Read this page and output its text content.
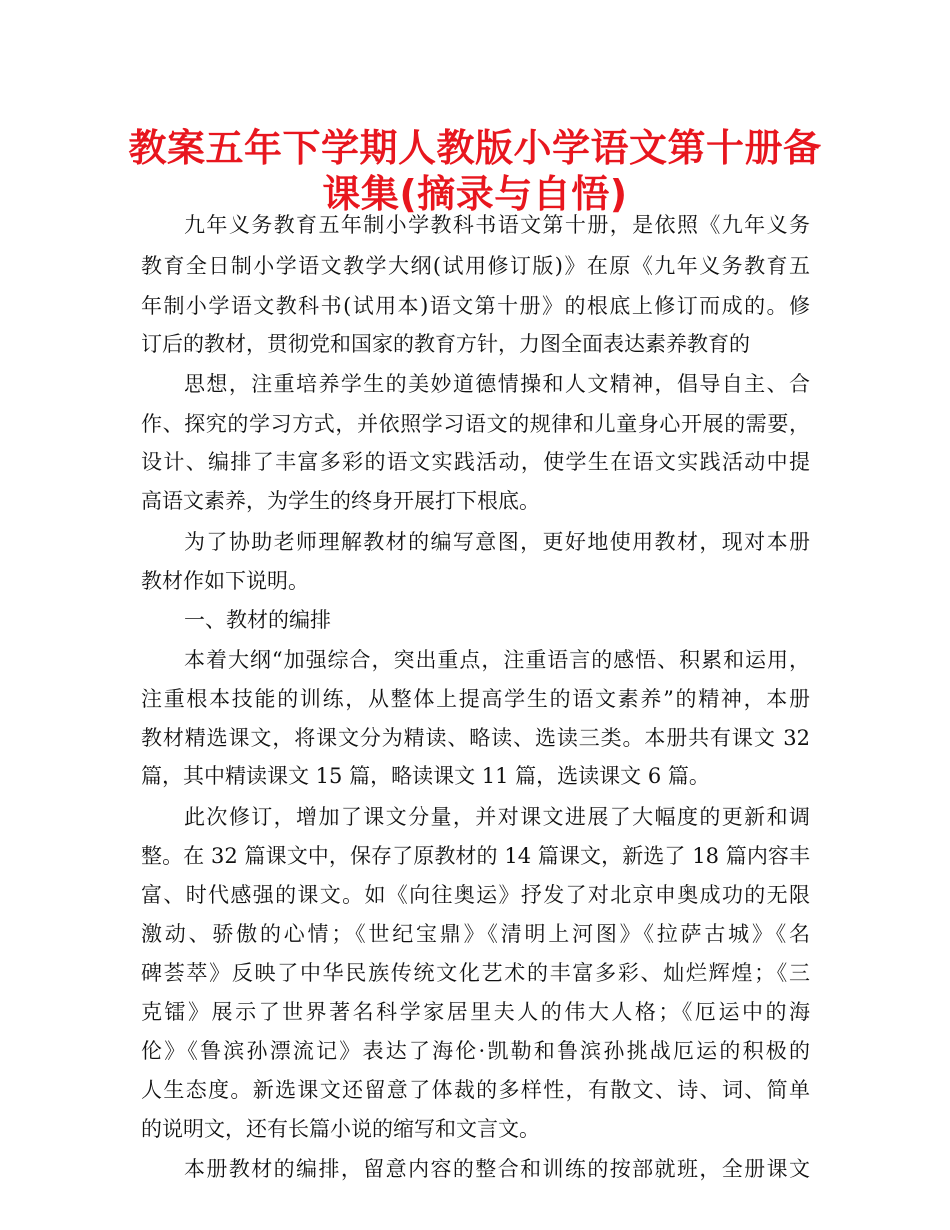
教案五年下学期人教版小学语文第十册备
课集(摘录与自悟)

九年义务教育五年制小学教科书语文第十册，是依照《九年义务

教育全日制小学语文教学大纲(试用修订版)》在原《九年义务教育五

年制小学语文教科书(试用本)语文第十册》的根底上修订而成的。修

订后的教材，贯彻党和国家的教育方针，力图全面表达素养教育的

思想，注重培养学生的美妙道德情操和人文精神，倡导自主、合

作、探究的学习方式，并依照学习语文的规律和儿童身心开展的需要，

设计、编排了丰富多彩的语文实践活动，使学生在语文实践活动中提

高语文素养，为学生的终身开展打下根底。

为了协助老师理解教材的编写意图，更好地使用教材，现对本册

教材作如下说明。

一、教材的编排

本着大纲“加强综合，突出重点，注重语言的感悟、积累和运用，

注重根本技能的训练，从整体上提高学生的语文素养”的精神，本册

教材精选课文，将课文分为精读、略读、选读三类。本册共有课文 32

篇，其中精读课文 15 篇，略读课文 11 篇，选读课文 6 篇。

此次修订，增加了课文分量，并对课文进展了大幅度的更新和调

整。在 32 篇课文中，保存了原教材的 14 篇课文，新选了 18 篇内容丰

富、时代感强的课文。如《向往奥运》抒发了对北京申奥成功的无限

激动、骄傲的心情；《世纪宝鼎》《清明上河图》《拉萨古城》《名

碑荟萃》反映了中华民族传统文化艺术的丰富多彩、灿烂辉煌；《三

克镭》展示了世界著名科学家居里夫人的伟大人格；《厄运中的海

伦》《鲁滨孙漂流记》表达了海伦·凯勒和鲁滨孙挑战厄运的积极的

人生态度。新选课文还留意了体裁的多样性，有散文、诗、词、简单

的说明文，还有长篇小说的缩写和文言文。

本册教材的编排，留意内容的整合和训练的按部就班，全册课文
